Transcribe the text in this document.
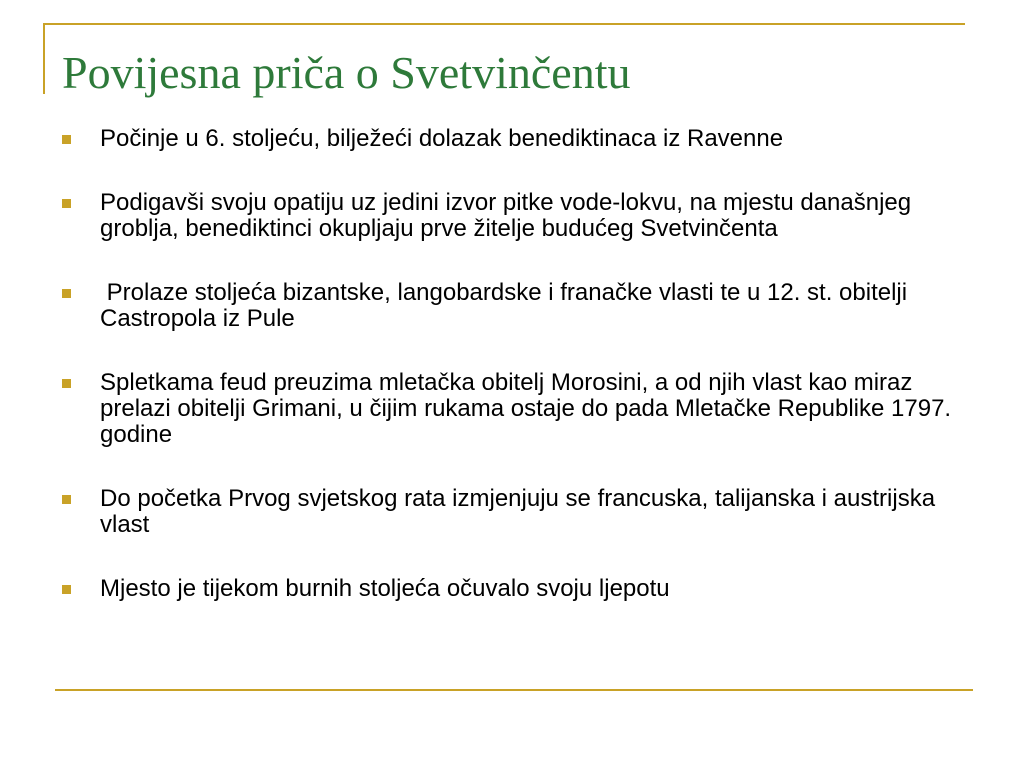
Povijesna priča o Svetvinčentu
Počinje u 6. stoljeću, bilježeći dolazak benediktinaca iz Ravenne
Podigavši svoju opatiju uz jedini izvor pitke vode-lokvu, na mjestu današnjeg groblja, benediktinci okupljaju prve žitelje budućeg Svetvinčenta
Prolaze stoljeća bizantske, langobardske i franačke vlasti te u 12. st. obitelji Castropola iz Pule
Spletkama feud preuzima mletačka obitelj Morosini, a od njih vlast kao miraz prelazi obitelji Grimani, u čijim rukama ostaje do pada Mletačke Republike 1797. godine
Do početka Prvog svjetskog rata izmjenjuju se francuska, talijanska i austrijska vlast
Mjesto je tijekom burnih stoljeća očuvalo svoju ljepotu
